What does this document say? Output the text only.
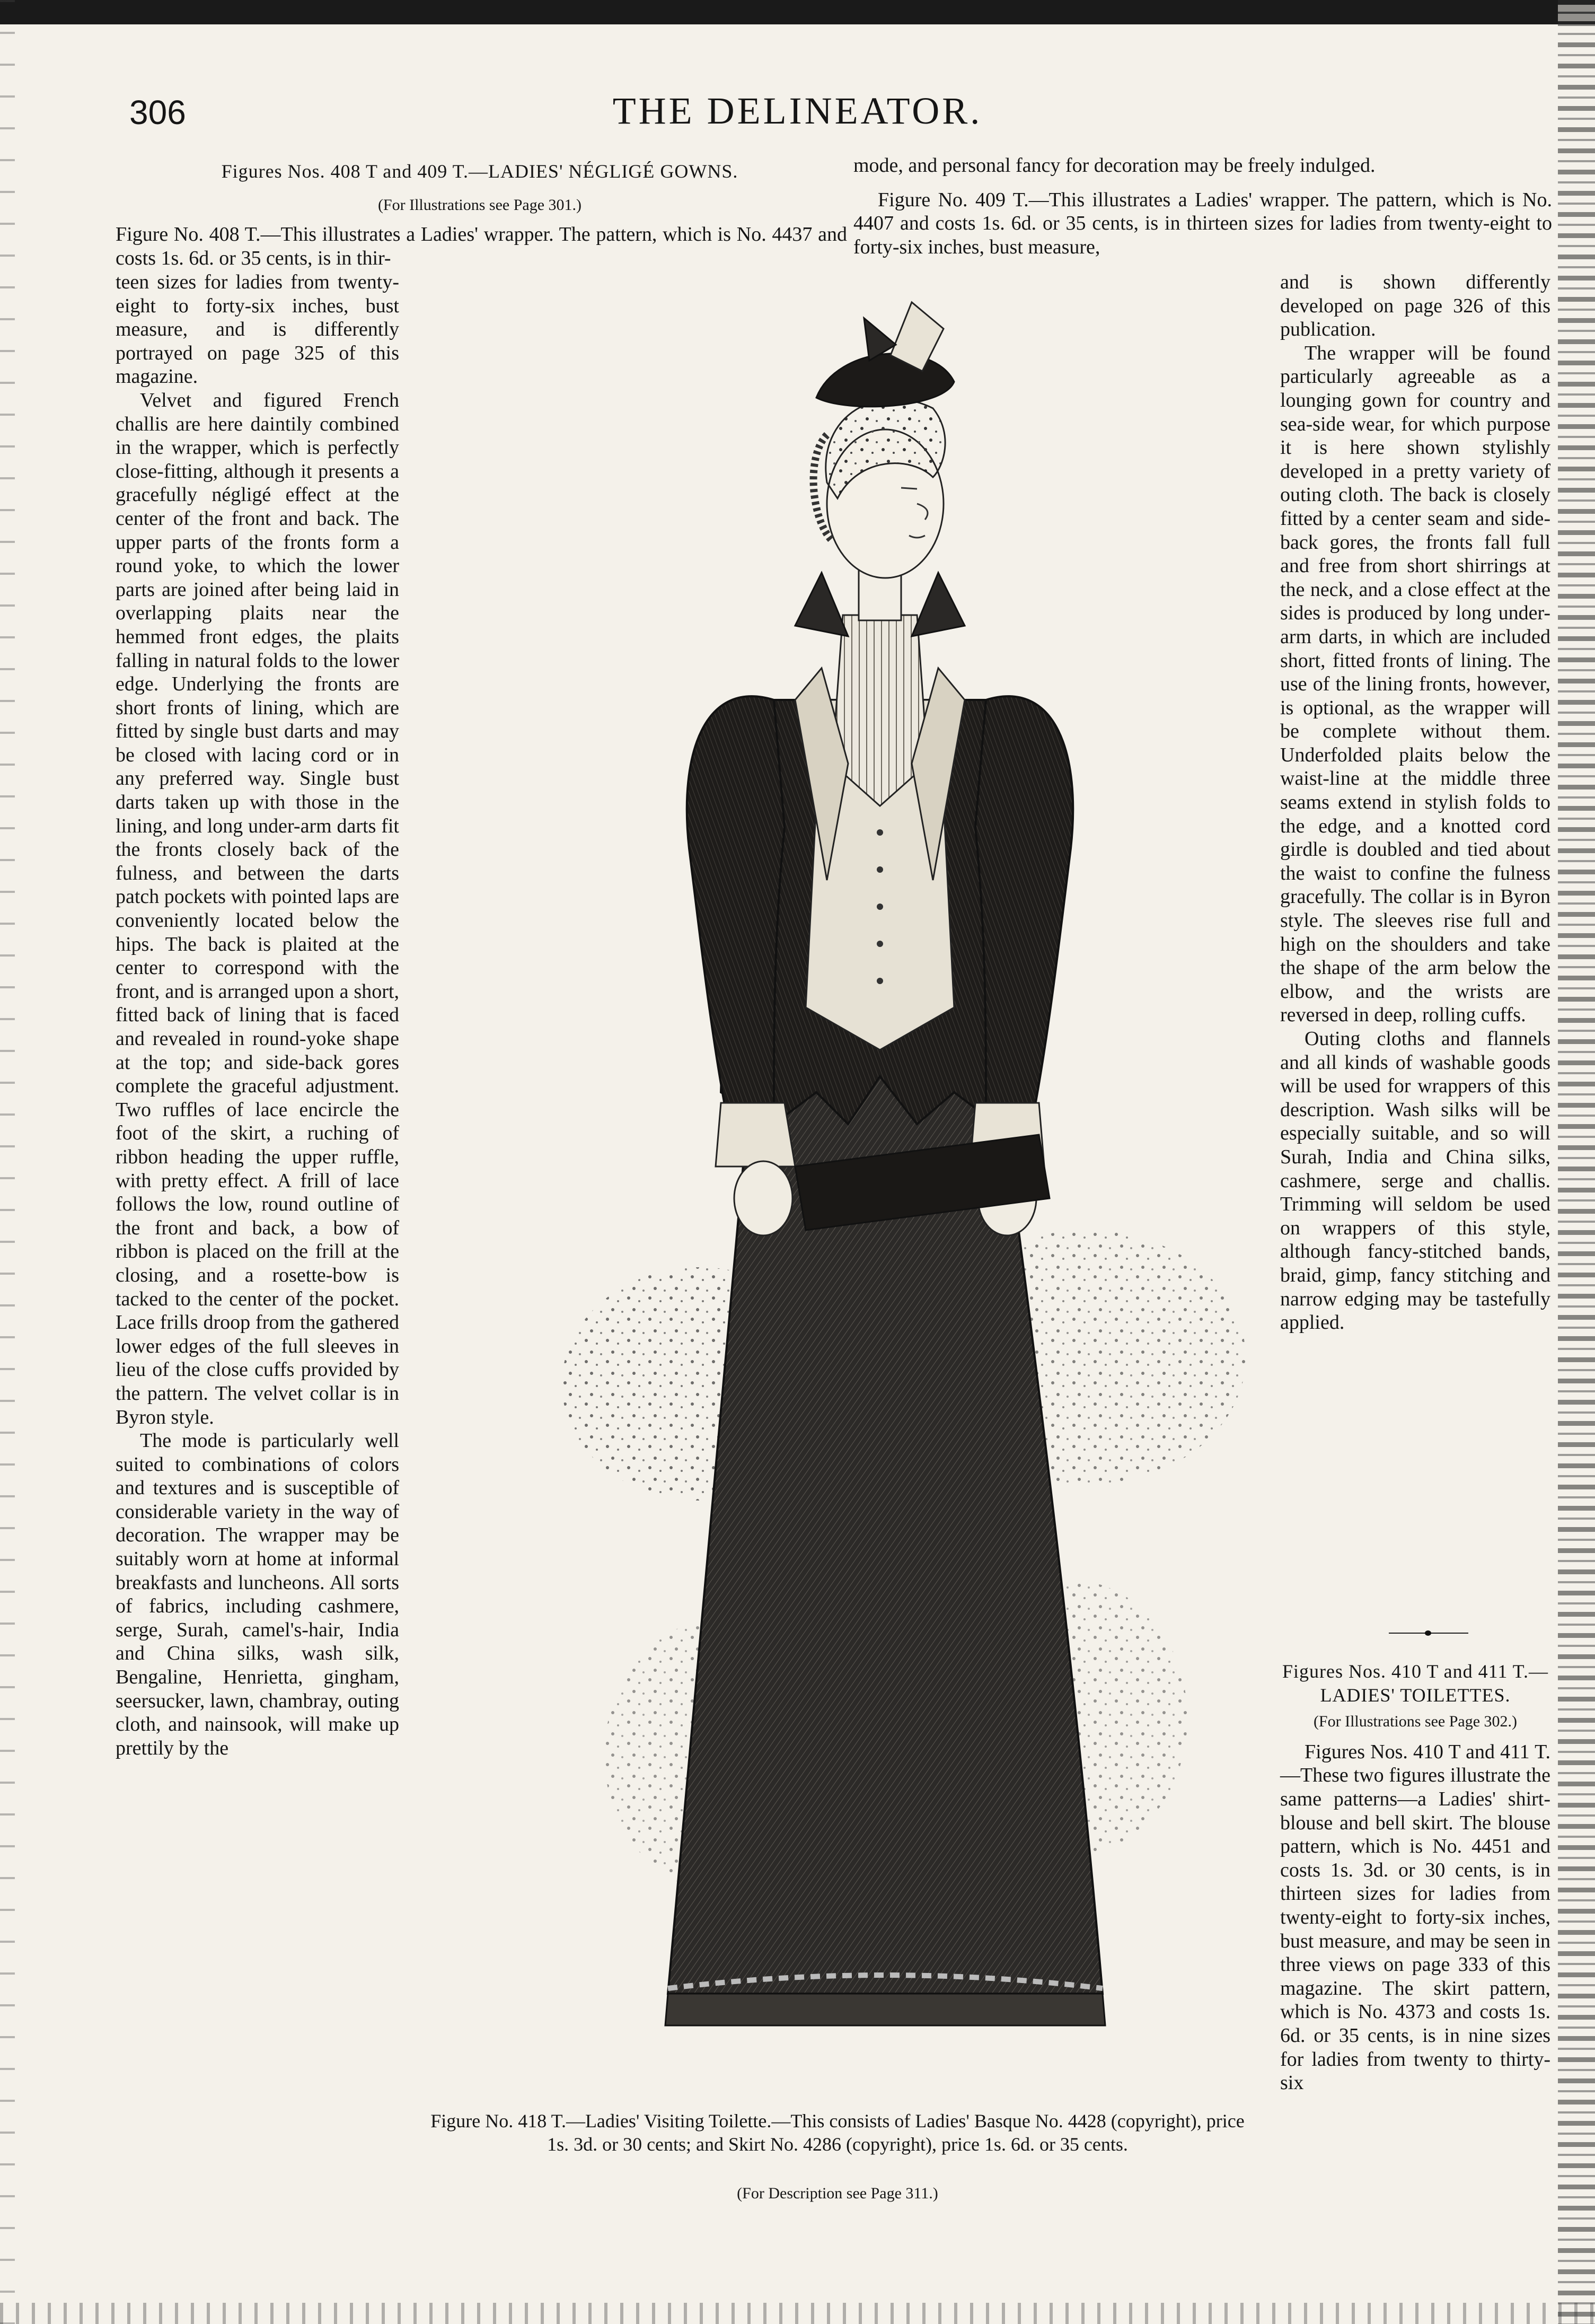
306	THE DELINEATOR.
Figures Nos. 408 T and 409 T.—LADIES' NÉGLIGÉ GOWNS.
(For Illustrations see Page 301.)
Figure No. 408 T.—This illustrates a Ladies' wrapper. The pattern, which is No. 4437 and costs 1s. 6d. or 35 cents, is in thir-

teen sizes for ladies from twenty-eight to forty-six inches, bust measure, and is differently portrayed on page 325 of this magazine.

Velvet and figured French challis are here daintily combined in the wrapper, which is perfectly close-fitting, although it presents a gracefully négligé effect at the center of the front and back. The upper parts of the fronts form a round yoke, to which the lower parts are joined after being laid in overlapping plaits near the hemmed front edges, the plaits falling in natural folds to the lower edge. Underlying the fronts are short fronts of lining, which are fitted by single bust darts and may be closed with lacing cord or in any preferred way. Single bust darts taken up with those in the lining, and long under-arm darts fit the fronts closely back of the fulness, and between the darts patch pockets with pointed laps are conveniently located below the hips. The back is plaited at the center to correspond with the front, and is arranged upon a short, fitted back of lining that is faced and revealed in round-yoke shape at the top; and side-back gores complete the graceful adjustment. Two ruffles of lace encircle the foot of the skirt, a ruching of ribbon heading the upper ruffle, with pretty effect. A frill of lace follows the low, round outline of the front and back, a bow of ribbon is placed on the frill at the closing, and a rosette-bow is tacked to the center of the pocket. Lace frills droop from the gathered lower edges of the full sleeves in lieu of the close cuffs provided by the pattern. The velvet collar is in Byron style.

The mode is particularly well suited to combinations of colors and textures and is susceptible of considerable variety in the way of decoration. The wrapper may be suitably worn at home at informal breakfasts and luncheons. All sorts of fabrics, including cashmere, serge, Surah, camel's-hair, India and China silks, wash silk, Bengaline, Henrietta, gingham, seersucker, lawn, chambray, outing cloth, and nainsook, will make up prettily by the

mode, and personal fancy for decoration may be freely indulged.

Figure No. 409 T.—This illustrates a Ladies' wrapper. The pattern, which is No. 4407 and costs 1s. 6d. or 35 cents, is in thirteen sizes for ladies from twenty-eight to forty-six inches, bust measure,

and is shown differently developed on page 326 of this publication.

The wrapper will be found particularly agreeable as a lounging gown for country and sea-side wear, for which purpose it is here shown stylishly developed in a pretty variety of outing cloth. The back is closely fitted by a center seam and side-back gores, the fronts fall full and free from short shirrings at the neck, and a close effect at the sides is produced by long under-arm darts, in which are included short, fitted fronts of lining. The use of the lining fronts, however, is optional, as the wrapper will be complete without them. Underfolded plaits below the waist-line at the middle three seams extend in stylish folds to the edge, and a knotted cord girdle is doubled and tied about the waist to confine the fulness gracefully. The collar is in Byron style. The sleeves rise full and high on the shoulders and take the shape of the arm below the elbow, and the wrists are reversed in deep, rolling cuffs.

Outing cloths and flannels and all kinds of washable goods will be used for wrappers of this description. Wash silks will be especially suitable, and so will Surah, India and China silks, cashmere, serge and challis. Trimming will seldom be used on wrappers of this style, although fancy-stitched bands, braid, gimp, fancy stitching and narrow edging may be tastefully applied.

Figures Nos. 410 T and 411 T.—LADIES' TOILETTES.

(For Illustrations see Page 302.)

Figures Nos. 410 T and 411 T.—These two figures illustrate the same patterns—a Ladies' shirt-blouse and bell skirt. The blouse pattern, which is No. 4451 and costs 1s. 3d. or 30 cents, is in thirteen sizes for ladies from twenty-eight to forty-six inches, bust measure, and may be seen in three views on page 333 of this magazine. The skirt pattern, which is No. 4373 and costs 1s. 6d. or 35 cents, is in nine sizes for ladies from twenty to thirty-six

Figure No. 418 T.—Ladies' Visiting Toilette.—This consists of Ladies' Basque No. 4428 (copyright), price 1s. 3d. or 30 cents; and Skirt No. 4286 (copyright), price 1s. 6d. or 35 cents.
(For Description see Page 311.)
